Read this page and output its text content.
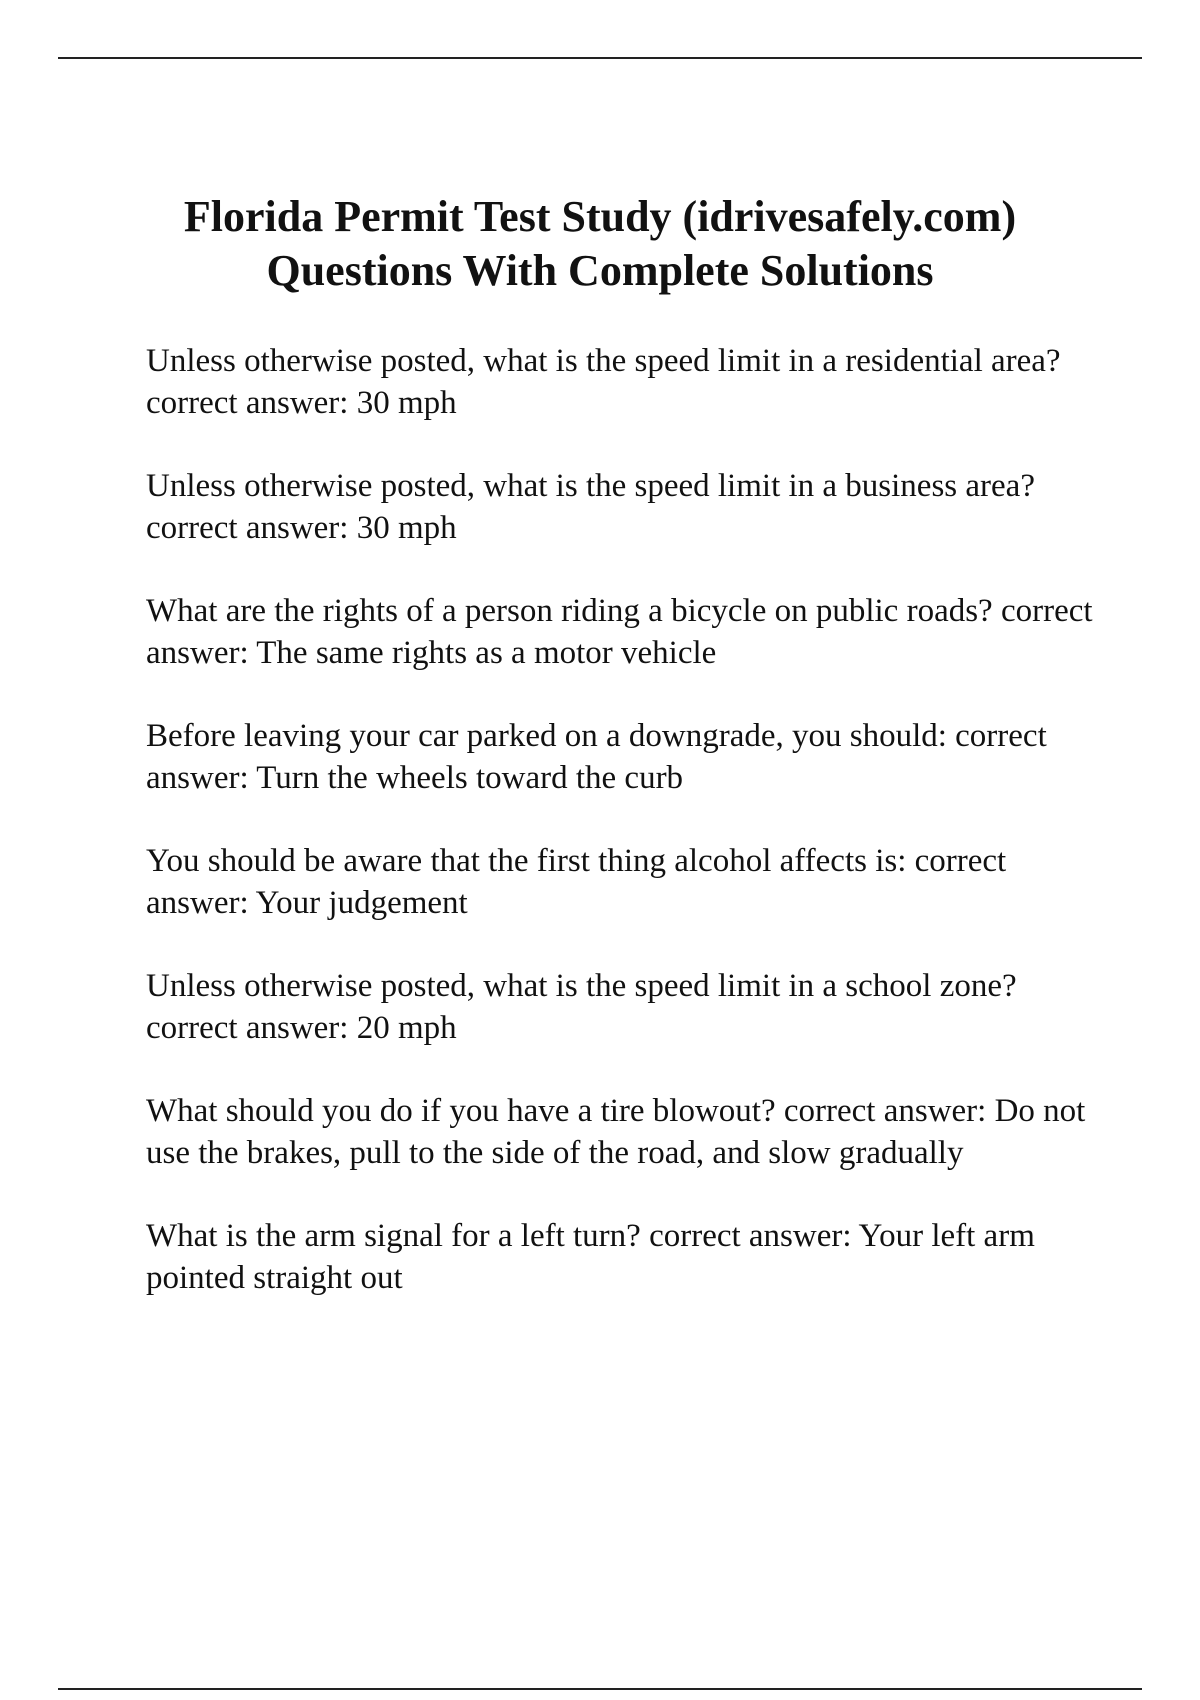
Florida Permit Test Study (idrivesafely.com)
Questions With Complete Solutions
Unless otherwise posted, what is the speed limit in a residential area? correct answer: 30 mph
Unless otherwise posted, what is the speed limit in a business area? correct answer: 30 mph
What are the rights of a person riding a bicycle on public roads? correct answer: The same rights as a motor vehicle
Before leaving your car parked on a downgrade, you should: correct answer: Turn the wheels toward the curb
You should be aware that the first thing alcohol affects is: correct answer: Your judgement
Unless otherwise posted, what is the speed limit in a school zone? correct answer: 20 mph
What should you do if you have a tire blowout? correct answer: Do not use the brakes, pull to the side of the road, and slow gradually
What is the arm signal for a left turn? correct answer: Your left arm pointed straight out
